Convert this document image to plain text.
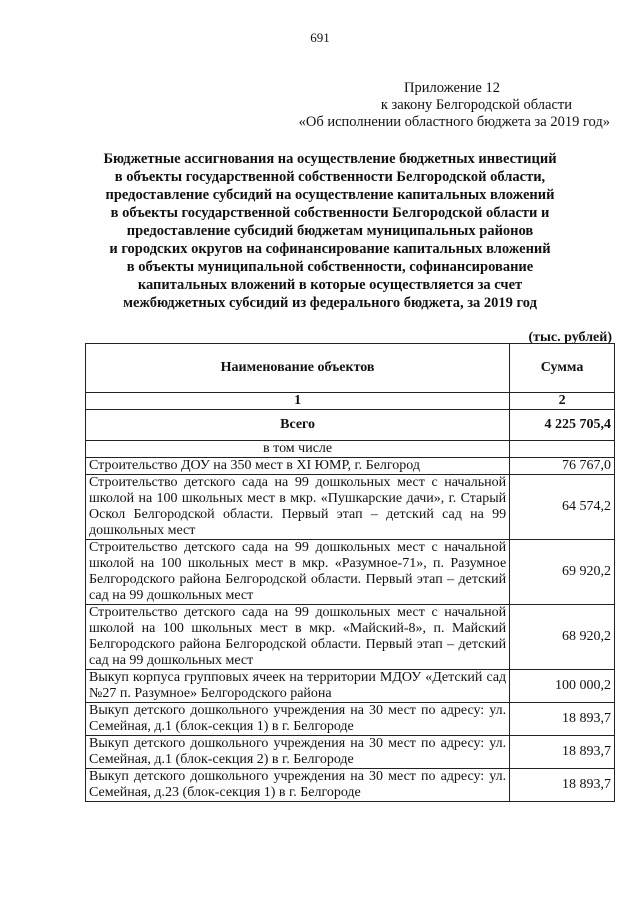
691
Приложение 12
к закону Белгородской области
«Об исполнении областного бюджета за 2019 год»
Бюджетные ассигнования на осуществление бюджетных инвестиций
в объекты государственной собственности Белгородской области,
предоставление субсидий на осуществление капитальных вложений
в объекты государственной собственности Белгородской области и
предоставление субсидий бюджетам муниципальных районов
и городских округов на софинансирование капитальных вложений
в объекты муниципальной собственности, софинансирование
капитальных вложений в которые осуществляется за счет
межбюджетных субсидий из федерального бюджета, за 2019 год
(тыс. рублей)
Наименование объектов	Сумма
1	2
Всего	4 225 705,4
в том числе	
Строительство ДОУ на 350 мест в XI ЮМР, г. Белгород	76 767,0
Строительство детского сада на 99 дошкольных мест с начальной школой на 100 школьных мест в мкр. «Пушкарские дачи», г. Старый Оскол Белгородской области. Первый этап – детский сад на 99 дошкольных мест	64 574,2
Строительство детского сада на 99 дошкольных мест с начальной школой на 100 школьных мест в мкр. «Разумное-71», п. Разумное Белгородского района Белгородской области. Первый этап – детский сад на 99 дошкольных мест	69 920,2
Строительство детского сада на 99 дошкольных мест с начальной школой на 100 школьных мест в мкр. «Майский-8», п. Майский Белгородского района Белгородской области. Первый этап – детский сад на 99 дошкольных мест	68 920,2
Выкуп корпуса групповых ячеек на территории МДОУ «Детский сад №27 п. Разумное» Белгородского района	100 000,2
Выкуп детского дошкольного учреждения на 30 мест по адресу: ул. Семейная, д.1 (блок-секция 1) в г. Белгороде	18 893,7
Выкуп детского дошкольного учреждения на 30 мест по адресу: ул. Семейная, д.1 (блок-секция 2) в г. Белгороде	18 893,7
Выкуп детского дошкольного учреждения на 30 мест по адресу: ул. Семейная, д.23 (блок-секция 1) в г. Белгороде	18 893,7
